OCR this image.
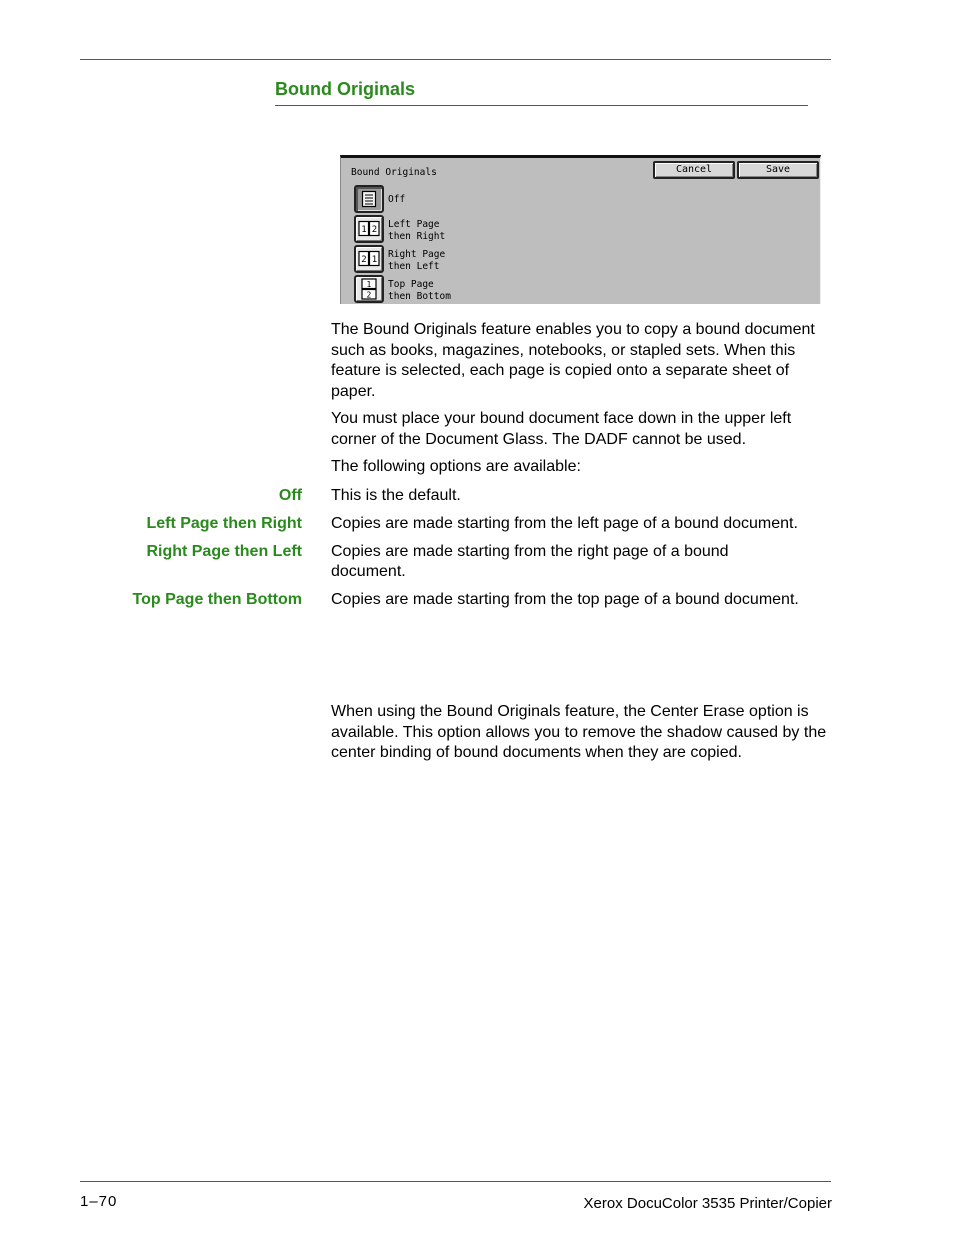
Bound Originals
Bound Originals	Cancel	Save
Off
1 2 Left Page
then Right
2 1 Right Page
then Left
1
2
Top Page
then Bottom
The Bound Originals feature enables you to copy a bound document such as books, magazines, notebooks, or stapled sets. When this feature is selected, each page is copied onto a separate sheet of paper.
You must place your bound document face down in the upper left corner of the Document Glass. The DADF cannot be used.
The following options are available:
Off This is the default.
Left Page then Right Copies are made starting from the left page of a bound document.
Right Page then Left Copies are made starting from the right page of a bound document.
Top Page then Bottom Copies are made starting from the top page of a bound document.
When using the Bound Originals feature, the Center Erase option is available. This option allows you to remove the shadow caused by the center binding of bound documents when they are copied.
1–70	Xerox DocuColor 3535 Printer/Copier
